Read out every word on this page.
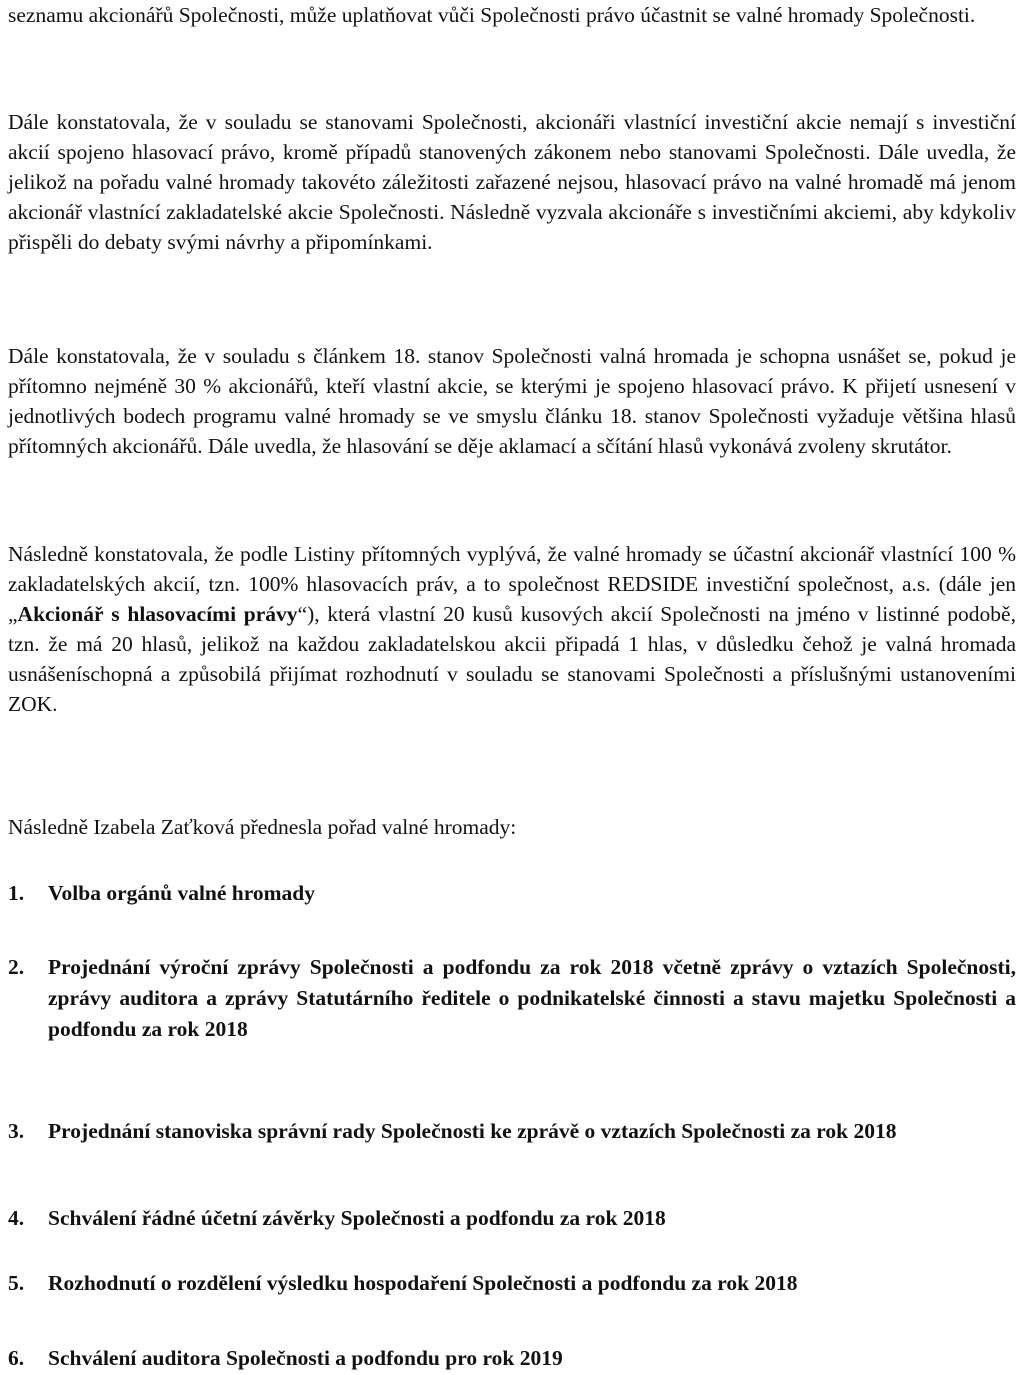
seznamu akcionářů Společnosti, může uplatňovat vůči Společnosti právo účastnit se valné hromady Společnosti.

Dále konstatovala, že v souladu se stanovami Společnosti, akcionáři vlastnící investiční akcie nemají s investiční akcií spojeno hlasovací právo, kromě případů stanovených zákonem nebo stanovami Společnosti. Dále uvedla, že jelikož na pořadu valné hromady takovéto záležitosti zařazené nejsou, hlasovací právo na valné hromadě má jenom akcionář vlastnící zakladatelské akcie Společnosti. Následně vyzvala akcionáře s investičními akciemi, aby kdykoliv přispěli do debaty svými návrhy a připomínkami.

Dále konstatovala, že v souladu s článkem 18. stanov Společnosti valná hromada je schopna usnášet se, pokud je přítomno nejméně 30 % akcionářů, kteří vlastní akcie, se kterými je spojeno hlasovací právo. K přijetí usnesení v jednotlivých bodech programu valné hromady se ve smyslu článku 18. stanov Společnosti vyžaduje většina hlasů přítomných akcionářů. Dále uvedla, že hlasování se děje aklamací a sčítání hlasů vykonává zvoleny skrutátor.

Následně konstatovala, že podle Listiny přítomných vyplývá, že valné hromady se účastní akcionář vlastnící 100 % zakladatelských akcií, tzn. 100% hlasovacích práv, a to společnost REDSIDE investiční společnost, a.s. (dále jen „Akcionář s hlasovacími právy“), která vlastní 20 kusů kusových akcií Společnosti na jméno v listinné podobě, tzn. že má 20 hlasů, jelikož na každou zakladatelskou akcii připadá 1 hlas, v důsledku čehož je valná hromada usnášeníschopná a způsobilá přijímat rozhodnutí v souladu se stanovami Společnosti a příslušnými ustanoveními ZOK.

Následně Izabela Zaťková přednesla pořad valné hromady:

1.	Volba orgánů valné hromady
2.	Projednání výroční zprávy Společnosti a podfondu za rok 2018 včetně zprávy o vztazích Společnosti, zprávy auditora a zprávy Statutárního ředitele o podnikatelské činnosti a stavu majetku Společnosti a podfondu za rok 2018
3.	Projednání stanoviska správní rady Společnosti ke zprávě o vztazích Společnosti za rok 2018
4.	Schválení řádné účetní závěrky Společnosti a podfondu za rok 2018
5.	Rozhodnutí o rozdělení výsledku hospodaření Společnosti a podfondu za rok 2018
6.	Schválení auditora Společnosti a podfondu pro rok 2019
